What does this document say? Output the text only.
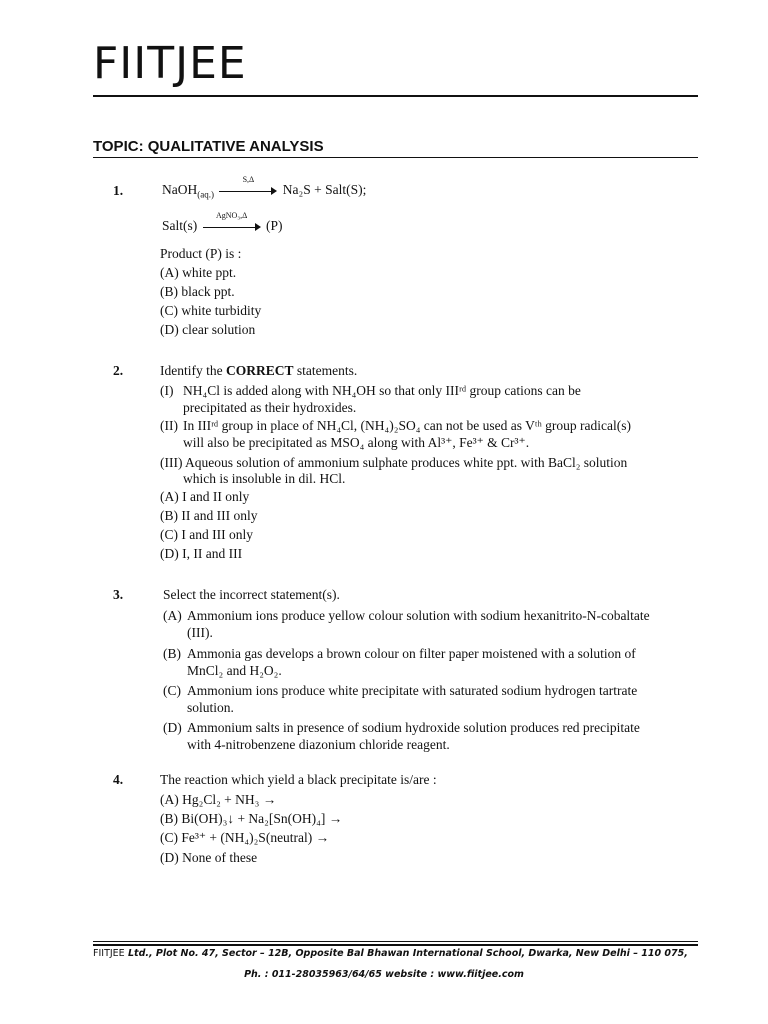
FIITJEE
TOPIC: QUALITATIVE ANALYSIS
1.	NaOH$_{(aq.)}$
S,Δ
Na₂S + Salt(S);
Salt(s)
AgNO₃,Δ
(P)
Product (P) is :
(A) white ppt.
(B) black ppt.
(C) white turbidity
(D) clear solution
2.	Identify the CORRECT statements.
(I) NH₄Cl is added along with NH₄OH so that only IIIʳᵈ group cations can be
precipitated as their hydroxides.
(II) In IIIʳᵈ group in place of NH₄Cl, (NH₄)₂SO₄ can not be used as Vᵗʰ group radical(s)
will also be precipitated as MSO₄ along with Al³⁺, Fe³⁺ & Cr³⁺.
(III) Aqueous solution of ammonium sulphate produces white ppt. with BaCl₂ solution
which is insoluble in dil. HCl.
(A) I and II only
(B) II and III only
(C) I and III only
(D) I, II and III
3.	Select the incorrect statement(s).
(A) Ammonium ions produce yellow colour solution with sodium hexanitrito-N-cobaltate
(III).
(B) Ammonia gas develops a brown colour on filter paper moistened with a solution of
MnCl₂ and H₂O₂.
(C) Ammonium ions produce white precipitate with saturated sodium hydrogen tartrate
solution.
(D) Ammonium salts in presence of sodium hydroxide solution produces red precipitate
with 4-nitrobenzene diazonium chloride reagent.
4.	The reaction which yield a black precipitate is/are :
(A) Hg₂Cl₂ + NH₃ →
(B) Bi(OH)₃↓ + Na₂[Sn(OH)₄] →
(C) Fe³⁺ + (NH₄)₂S(neutral) →
(D) None of these
FIITJEE Ltd., Plot No. 47, Sector – 12B, Opposite Bal Bhawan International School, Dwarka, New Delhi – 110 075,
Ph. : 011-28035963/64/65 website : www.fiitjee.com
